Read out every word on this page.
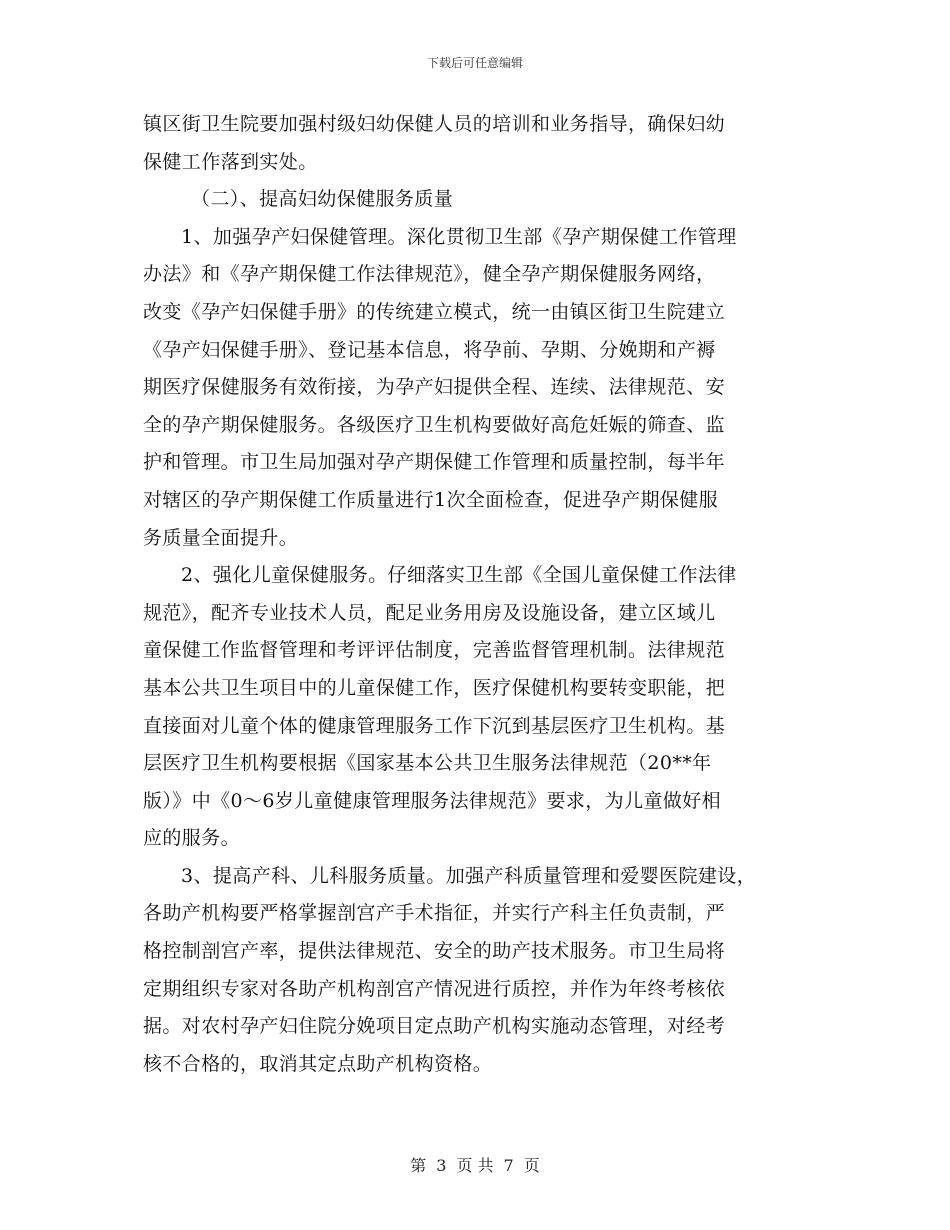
下载后可任意编辑
镇区街卫生院要加强村级妇幼保健人员的培训和业务指导，确保妇幼
保健工作落到实处。
（二）、提高妇幼保健服务质量
1、加强孕产妇保健管理。深化贯彻卫生部《孕产期保健工作管理
办法》和《孕产期保健工作法律规范》，健全孕产期保健服务网络，
改变《孕产妇保健手册》的传统建立模式，统一由镇区街卫生院建立
《孕产妇保健手册》、登记基本信息，将孕前、孕期、分娩期和产褥
期医疗保健服务有效衔接，为孕产妇提供全程、连续、法律规范、安
全的孕产期保健服务。各级医疗卫生机构要做好高危妊娠的筛查、监
护和管理。市卫生局加强对孕产期保健工作管理和质量控制，每半年
对辖区的孕产期保健工作质量进行1次全面检查，促进孕产期保健服
务质量全面提升。
2、强化儿童保健服务。仔细落实卫生部《全国儿童保健工作法律
规范》，配齐专业技术人员，配足业务用房及设施设备，建立区域儿
童保健工作监督管理和考评评估制度，完善监督管理机制。法律规范
基本公共卫生项目中的儿童保健工作，医疗保健机构要转变职能，把
直接面对儿童个体的健康管理服务工作下沉到基层医疗卫生机构。基
层医疗卫生机构要根据《国家基本公共卫生服务法律规范（20**年
版）》中《0～6岁儿童健康管理服务法律规范》要求，为儿童做好相
应的服务。
3、提高产科、儿科服务质量。加强产科质量管理和爱婴医院建设，
各助产机构要严格掌握剖宫产手术指征，并实行产科主任负责制，严
格控制剖宫产率，提供法律规范、安全的助产技术服务。市卫生局将
定期组织专家对各助产机构剖宫产情况进行质控，并作为年终考核依
据。对农村孕产妇住院分娩项目定点助产机构实施动态管理，对经考
核不合格的，取消其定点助产机构资格。
第 3 页 共 7 页
